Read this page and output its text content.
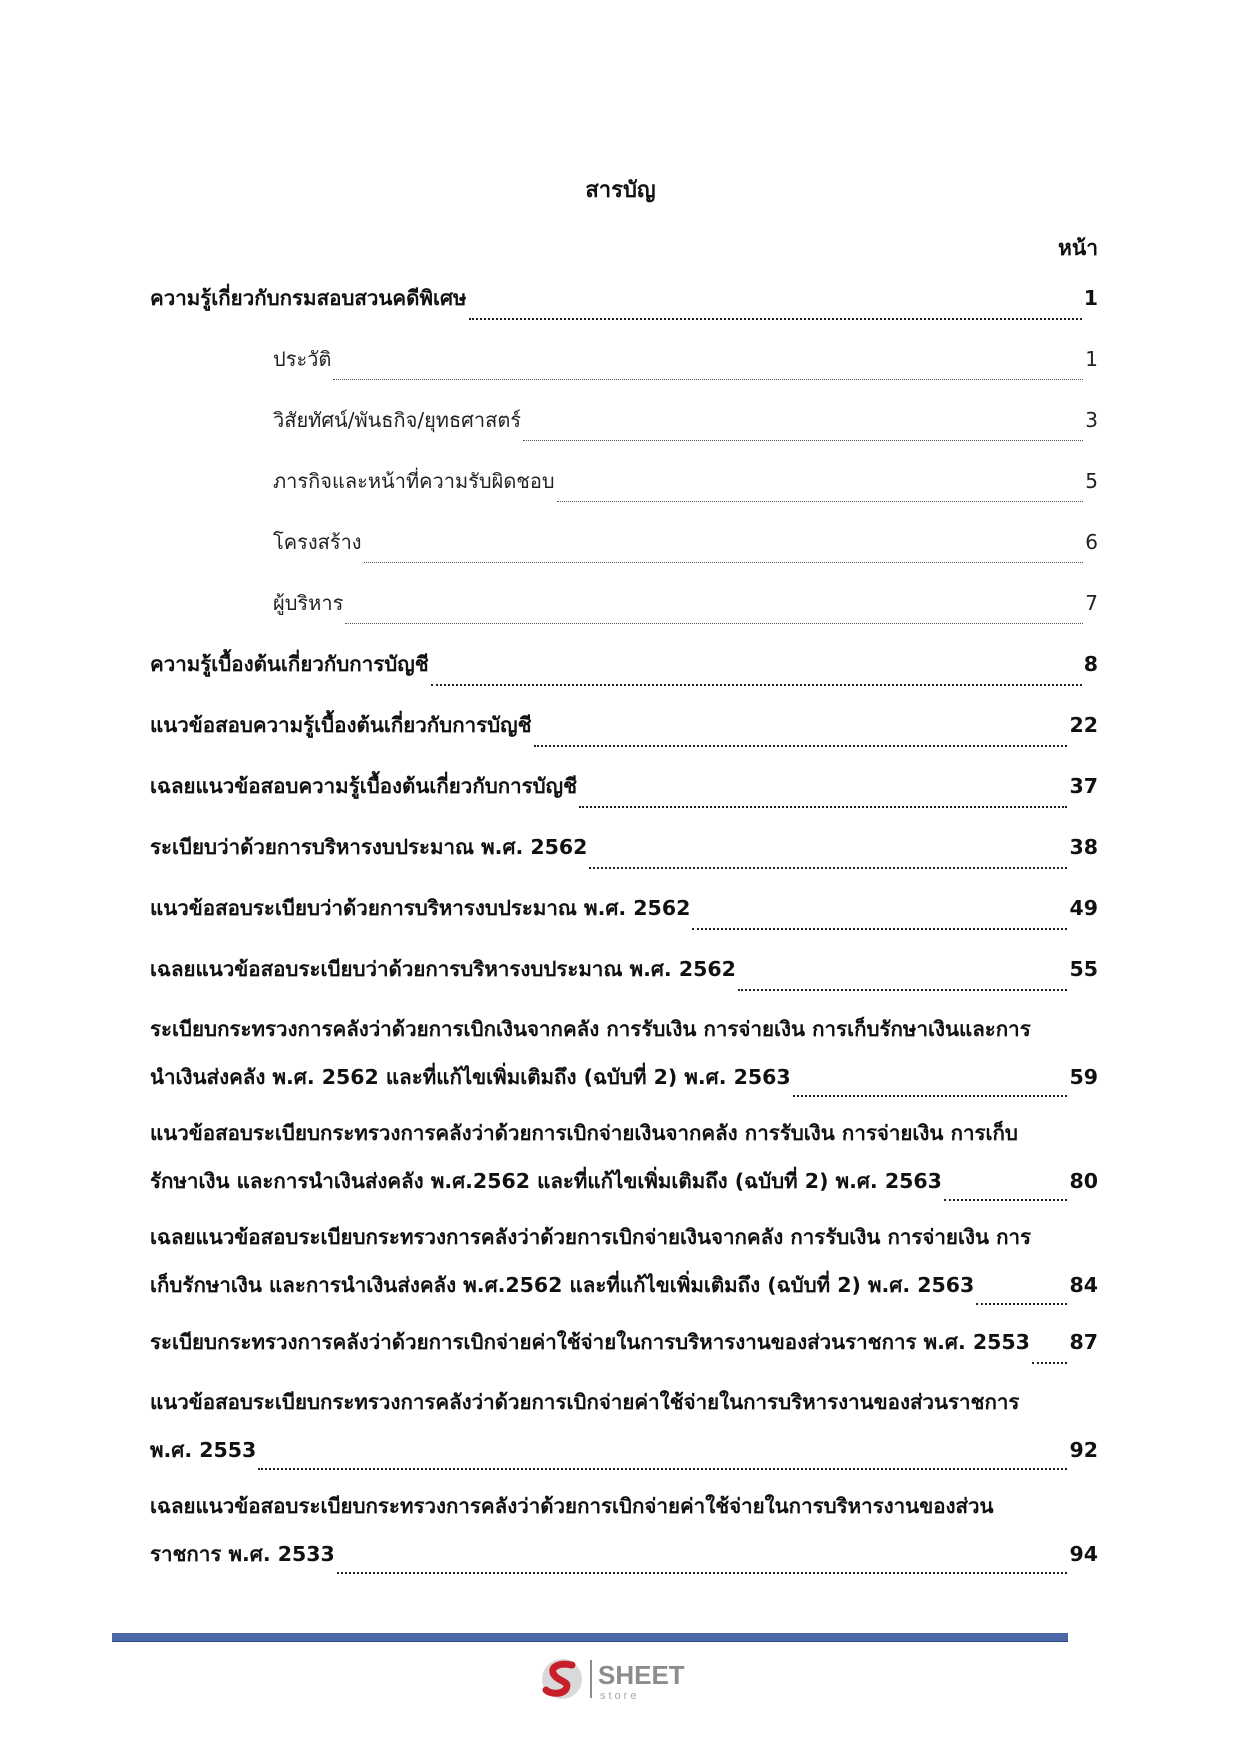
สารบัญ
หน้า
ความรู้เกี่ยวกับกรมสอบสวนคดีพิเศษ	1
ประวัติ	1
วิสัยทัศน์/พันธกิจ/ยุทธศาสตร์	3
ภารกิจและหน้าที่ความรับผิดชอบ	5
โครงสร้าง	6
ผู้บริหาร	7
ความรู้เบื้องต้นเกี่ยวกับการบัญชี	8
แนวข้อสอบความรู้เบื้องต้นเกี่ยวกับการบัญชี	22
เฉลยแนวข้อสอบความรู้เบื้องต้นเกี่ยวกับการบัญชี	37
ระเบียบว่าด้วยการบริหารงบประมาณ พ.ศ. 2562	38
แนวข้อสอบระเบียบว่าด้วยการบริหารงบประมาณ พ.ศ. 2562	49
เฉลยแนวข้อสอบระเบียบว่าด้วยการบริหารงบประมาณ พ.ศ. 2562	55
ระเบียบกระทรวงการคลังว่าด้วยการเบิกเงินจากคลัง การรับเงิน การจ่ายเงิน การเก็บรักษาเงินและการ
นำเงินส่งคลัง พ.ศ. 2562 และที่แก้ไขเพิ่มเติมถึง (ฉบับที่ 2) พ.ศ. 2563	59
แนวข้อสอบระเบียบกระทรวงการคลังว่าด้วยการเบิกจ่ายเงินจากคลัง การรับเงิน การจ่ายเงิน การเก็บ
รักษาเงิน และการนำเงินส่งคลัง พ.ศ.2562 และที่แก้ไขเพิ่มเติมถึง (ฉบับที่ 2) พ.ศ. 2563	80
เฉลยแนวข้อสอบระเบียบกระทรวงการคลังว่าด้วยการเบิกจ่ายเงินจากคลัง การรับเงิน การจ่ายเงิน การ
เก็บรักษาเงิน และการนำเงินส่งคลัง พ.ศ.2562 และที่แก้ไขเพิ่มเติมถึง (ฉบับที่ 2) พ.ศ. 2563	84
ระเบียบกระทรวงการคลังว่าด้วยการเบิกจ่ายค่าใช้จ่ายในการบริหารงานของส่วนราชการ พ.ศ. 2553 87
แนวข้อสอบระเบียบกระทรวงการคลังว่าด้วยการเบิกจ่ายค่าใช้จ่ายในการบริหารงานของส่วนราชการ
พ.ศ. 2553	92
เฉลยแนวข้อสอบระเบียบกระทรวงการคลังว่าด้วยการเบิกจ่ายค่าใช้จ่ายในการบริหารงานของส่วน
ราชการ พ.ศ. 2533	94
SHEET
store
